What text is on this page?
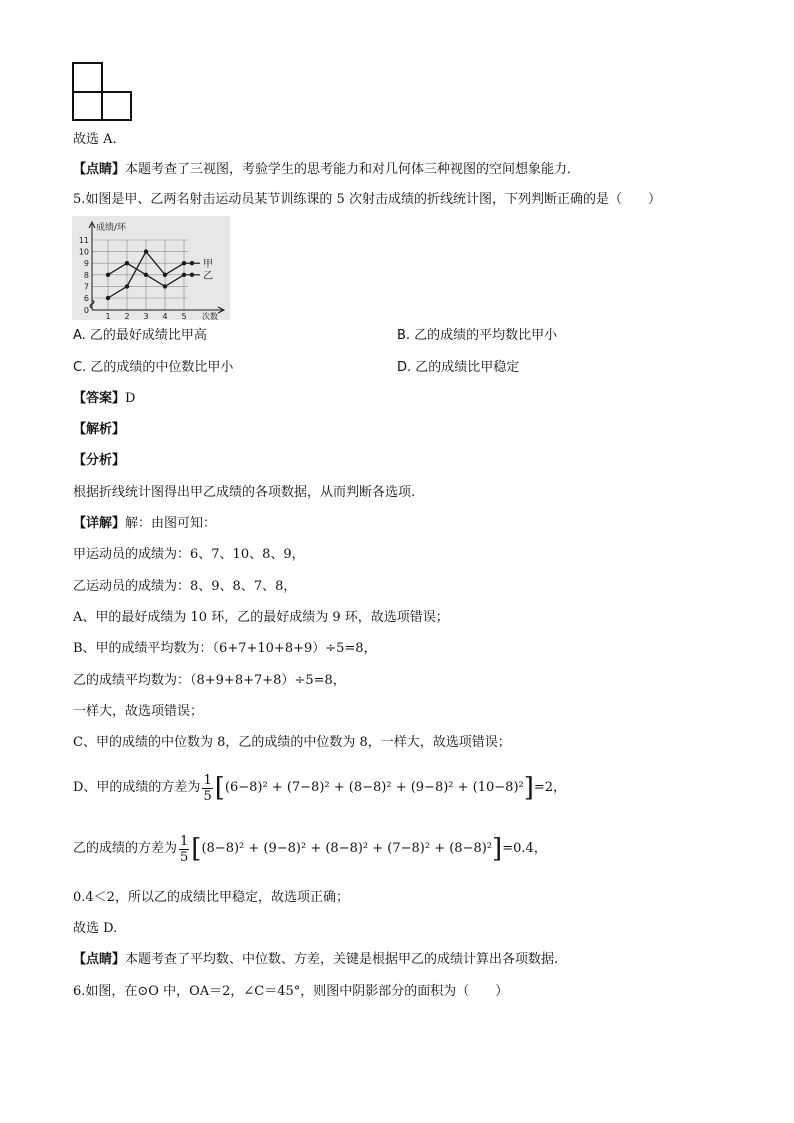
故选 A.
【点睛】本题考查了三视图，考验学生的思考能力和对几何体三种视图的空间想象能力．
5.如图是甲、乙两名射击运动员某节训练课的 5 次射击成绩的折线统计图，下列判断正确的是（　　）
0
6
7
8
9
10
11
1 2 3 4 5 次数
成绩/环
甲
乙
A. 乙的最好成绩比甲高	B. 乙的成绩的平均数比甲小
C. 乙的成绩的中位数比甲小	D. 乙的成绩比甲稳定
【答案】D
【解析】
【分析】
根据折线统计图得出甲乙成绩的各项数据，从而判断各选项.
【详解】解：由图可知：
甲运动员的成绩为：6、7、10、8、9，
乙运动员的成绩为：8、9、8、7、8，
A、甲的最好成绩为 10 环，乙的最好成绩为 9 环，故选项错误；
B、甲的成绩平均数为：（6+7+10+8+9）÷5=8，
乙的成绩平均数为：（8+9+8+7+8）÷5=8，
一样大，故选项错误；
C、甲的成绩的中位数为 8，乙的成绩的中位数为 8，一样大，故选项错误；
D、甲的成绩的方差为 $\frac{1}{5} [(6-8)^2 + (7-8)^2 + (8-8)^2 + (9-8)^2 + (10-8)^2]=2$，
乙的成绩的方差为 $\frac{1}{5} [(8-8)^2 + (9-8)^2 + (8-8)^2 + (7-8)^2 + (8-8)^2]=0.4$，
0.4＜2，所以乙的成绩比甲稳定，故选项正确；
故选 D.
【点睛】本题考查了平均数、中位数、方差，关键是根据甲乙的成绩计算出各项数据.
6.如图，在⊙O 中，OA＝2，∠C＝45°，则图中阴影部分的面积为（　　）
